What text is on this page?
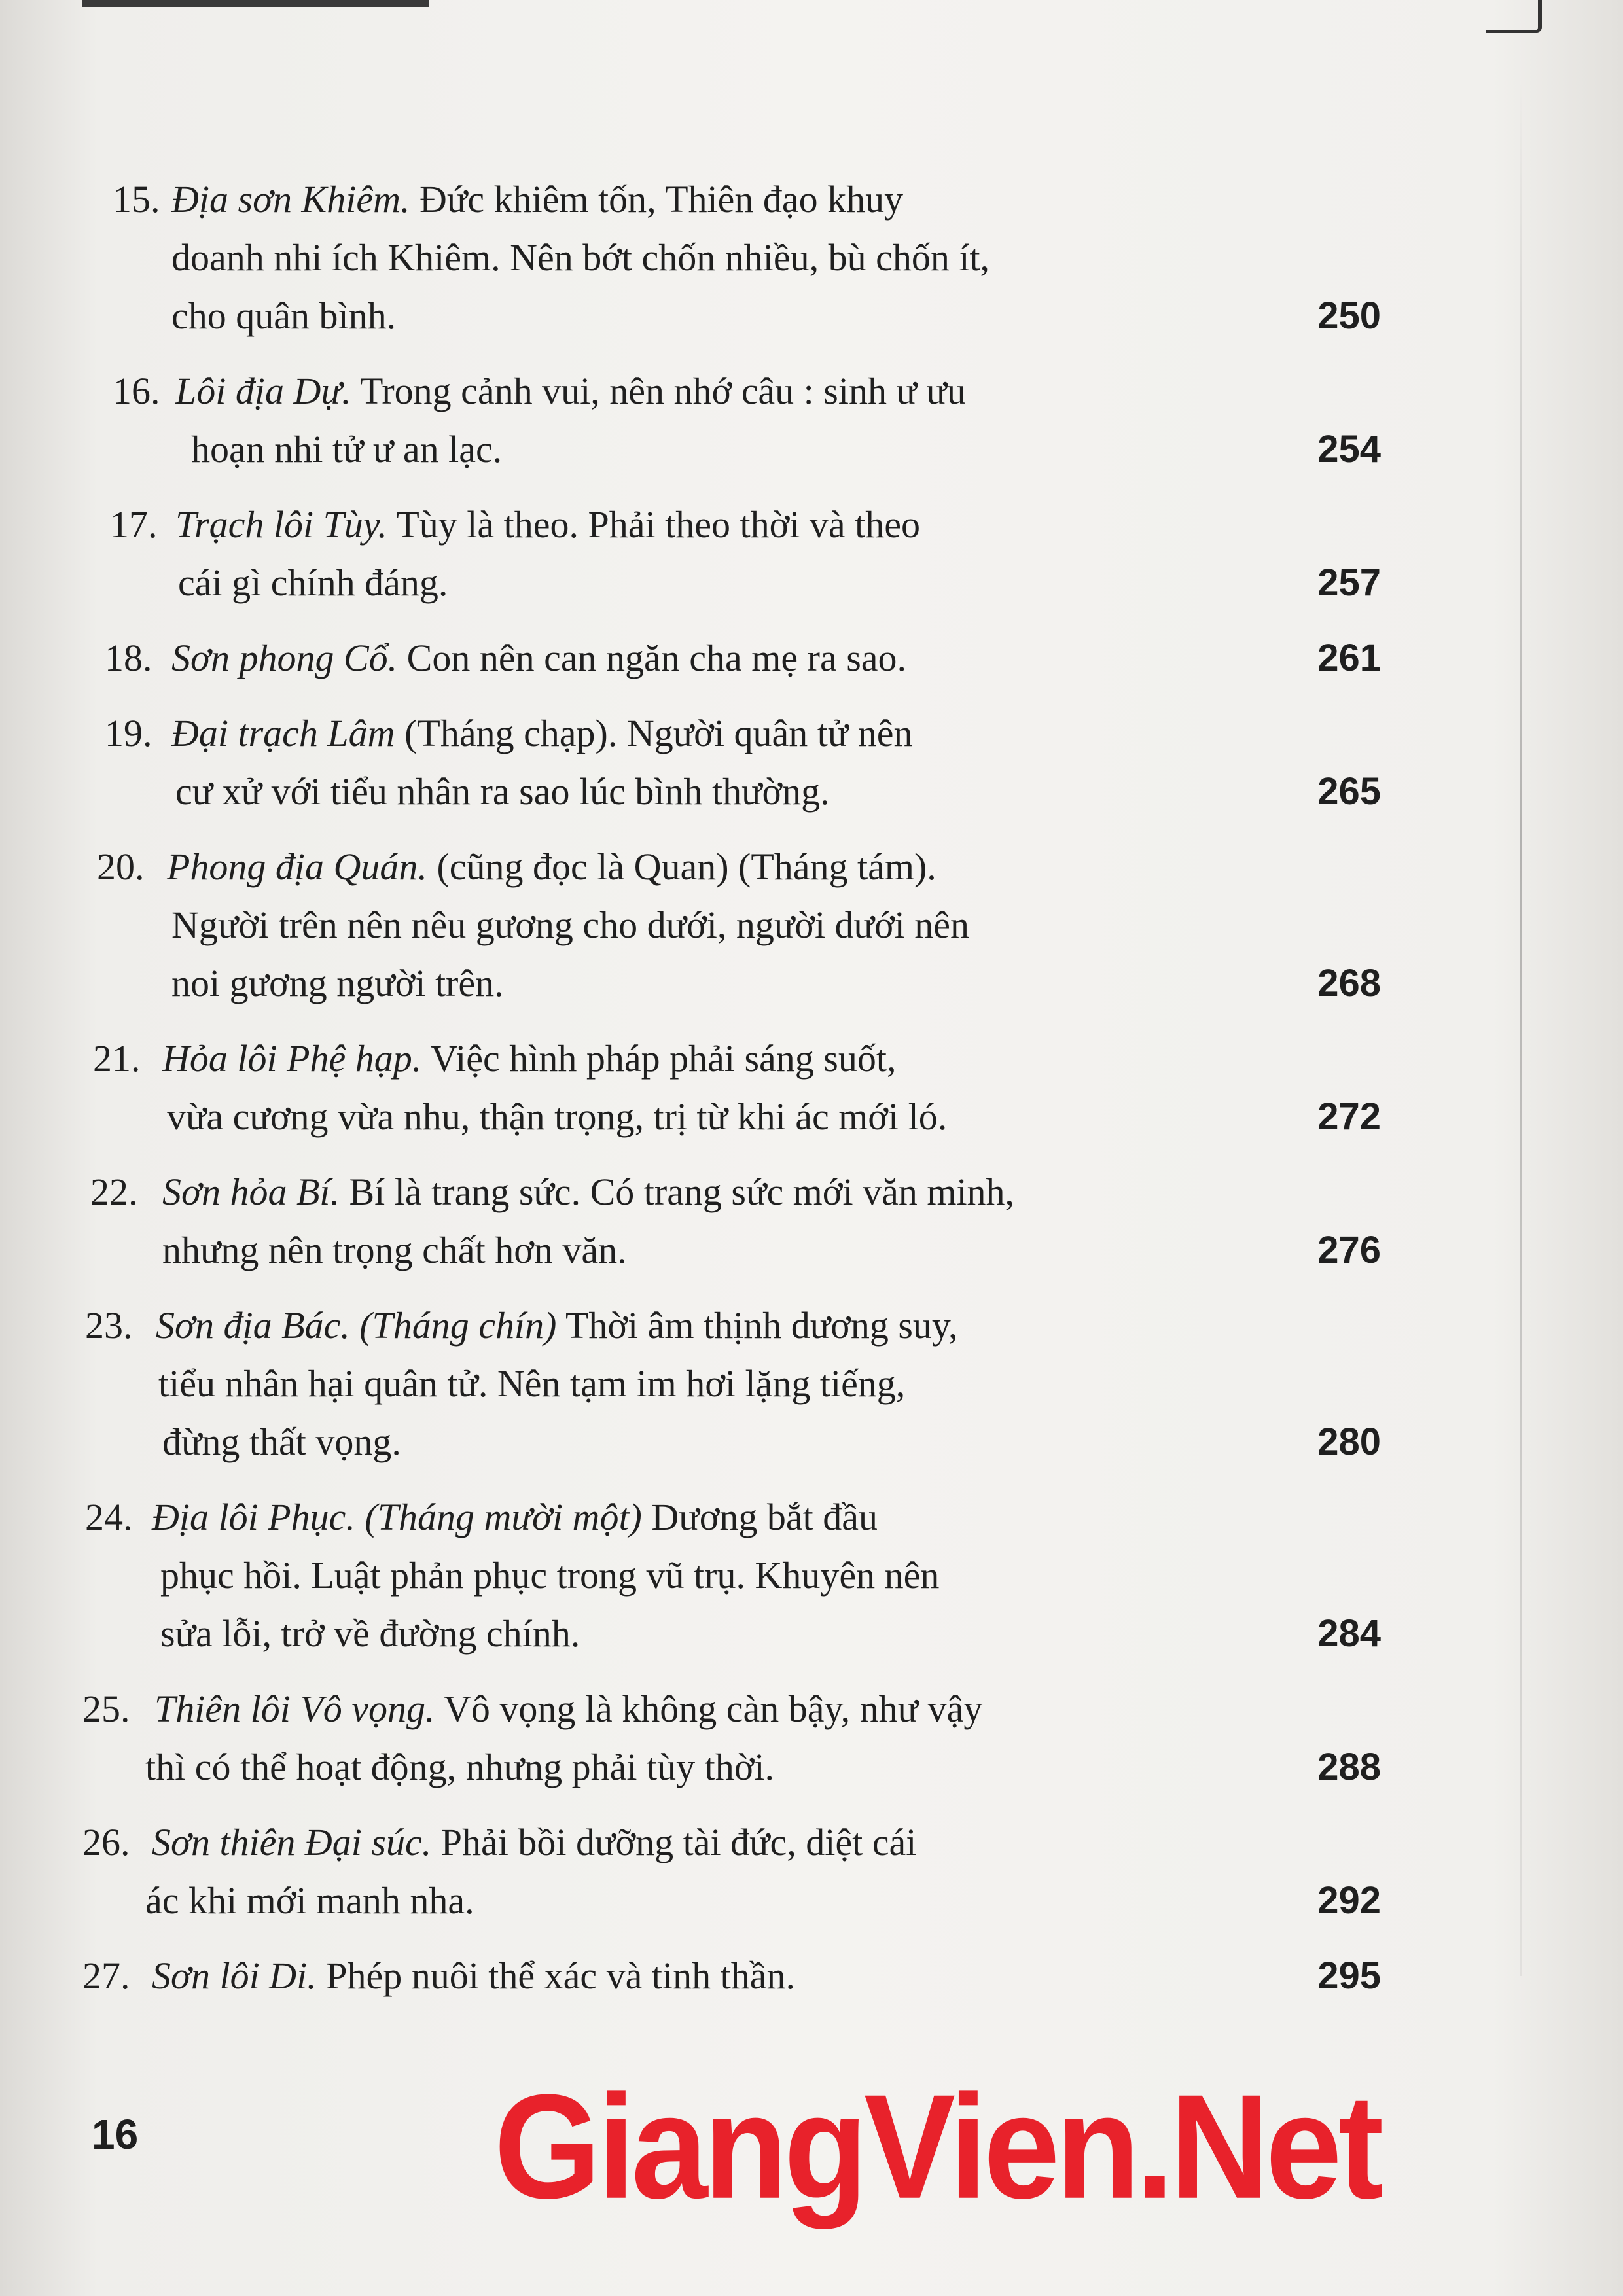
15. Địa sơn Khiêm. Đức khiêm tốn, Thiên đạo khuy
doanh nhi ích Khiêm. Nên bớt chốn nhiều, bù chốn ít,
cho quân bình.	250
16. Lôi địa Dự. Trong cảnh vui, nên nhớ câu : sinh ư ưu
hoạn nhi tử ư an lạc.	254
17. Trạch lôi Tùy. Tùy là theo. Phải theo thời và theo
cái gì chính đáng.	257
18. Sơn phong Cổ. Con nên can ngăn cha mẹ ra sao.	261
19. Đại trạch Lâm (Tháng chạp). Người quân tử nên
cư xử với tiểu nhân ra sao lúc bình thường.	265
20. Phong địa Quán. (cũng đọc là Quan) (Tháng tám).
Người trên nên nêu gương cho dưới, người dưới nên
noi gương người trên.	268
21. Hỏa lôi Phệ hạp. Việc hình pháp phải sáng suốt,
vừa cương vừa nhu, thận trọng, trị từ khi ác mới ló.	272
22. Sơn hỏa Bí. Bí là trang sức. Có trang sức mới văn minh,
nhưng nên trọng chất hơn văn.	276
23. Sơn địa Bác. (Tháng chín) Thời âm thịnh dương suy,
tiểu nhân hại quân tử. Nên tạm im hơi lặng tiếng,
đừng thất vọng.	280
24. Địa lôi Phục. (Tháng mười một) Dương bắt đầu
phục hồi. Luật phản phục trong vũ trụ. Khuyên nên
sửa lỗi, trở về đường chính.	284
25. Thiên lôi Vô vọng. Vô vọng là không càn bậy, như vậy
thì có thể hoạt động, nhưng phải tùy thời.	288
26. Sơn thiên Đại súc. Phải bồi dưỡng tài đức, diệt cái
ác khi mới manh nha.	292
27. Sơn lôi Di. Phép nuôi thể xác và tinh thần.	295
16	GiangVien.Net
